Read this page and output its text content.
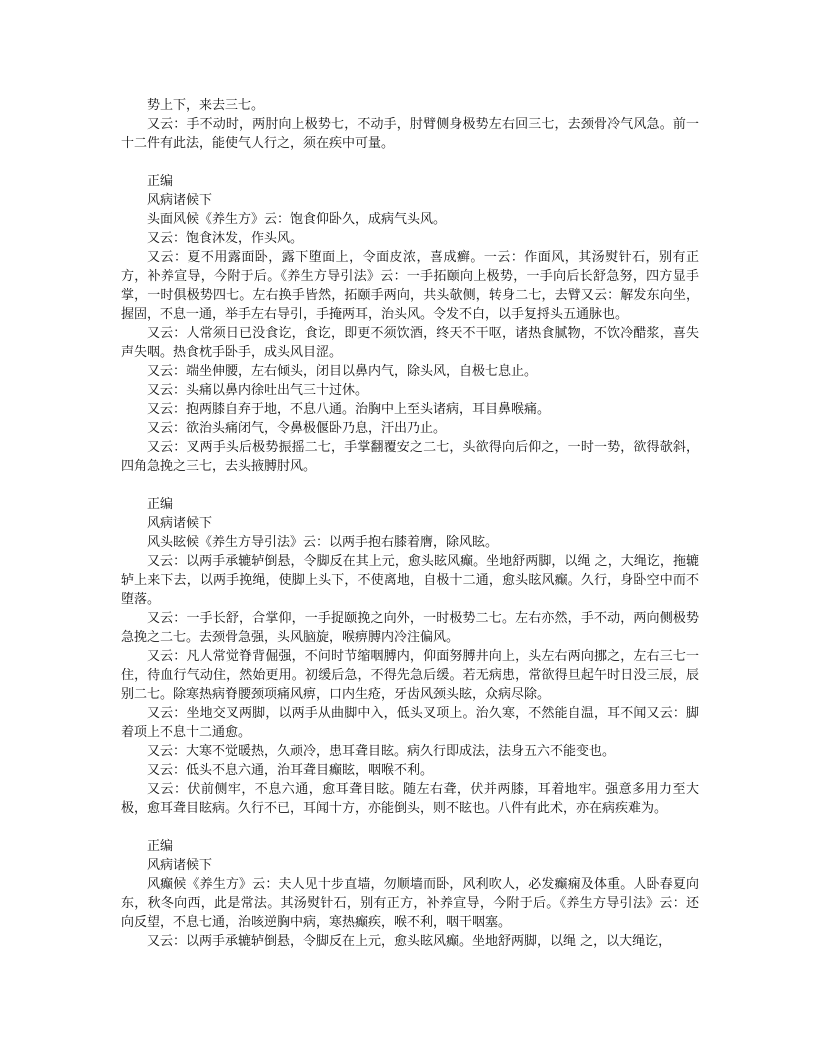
势上下，来去三七。

又云：手不动时，两肘向上极势七，不动手，肘臂侧身极势左右回三七，去颈骨冷气风急。前一十二件有此法，能使气人行之，须在疾中可量。

正编

风病诸候下

头面风候《养生方》云：饱食仰卧久，成病气头风。

又云：饱食沐发，作头风。

又云：夏不用露面卧，露下堕面上，令面皮浓，喜成癣。一云：作面风，其汤熨针石，别有正方，补养宣导，今附于后。《养生方导引法》云：一手拓颐向上极势，一手向后长舒急努，四方显手掌，一时俱极势四七。左右换手皆然，拓颐手两向，共头欹侧，转身二七，去臂又云：解发东向坐，握固，不息一通，举手左右导引，手掩两耳，治头风。令发不白，以手复捋头五通脉也。

又云：人常须日已没食讫，食讫，即更不须饮酒，终天不干呕，诸热食腻物，不饮冷醋浆，喜失声失咽。热食枕手卧手，成头风目涩。

又云：端坐伸腰，左右倾头，闭目以鼻内气，除头风，自极七息止。

又云：头痛以鼻内徐吐出气三十过休。

又云：抱两膝自弃于地，不息八通。治胸中上至头诸病，耳目鼻喉痛。

又云：欲治头痛闭气，令鼻极偃卧乃息，汗出乃止。

又云：叉两手头后极势振摇二七，手掌翻覆安之二七，头欲得向后仰之，一时一势，欲得欹斜，四角急挽之三七，去头掖膊肘风。

正编

风病诸候下

风头眩候《养生方导引法》云：以两手抱右膝着膺，除风眩。

又云：以两手承辘轳倒悬，令脚反在其上元，愈头眩风癫。坐地舒两脚，以绳 之，大绳讫，拖辘轳上来下去，以两手挽绳，使脚上头下，不使离地，自极十二通，愈头眩风癫。久行，身卧空中而不堕落。

又云：一手长舒，合掌仰，一手捉颐挽之向外，一时极势二七。左右亦然，手不动，两向侧极势急挽之二七。去颈骨急强，头风脑旋，喉痹膊内冷注偏风。

又云：凡人常觉脊背倔强，不问时节缩咽膊内，仰面努膊井向上，头左右两向挪之，左右三七一住，待血行气动住，然始更用。初缓后急，不得先急后缓。若无病患，常欲得旦起午时日没三辰，辰别二七。除寒热病脊腰颈项痛风痹，口内生疮，牙齿风颈头眩，众病尽除。

又云：坐地交叉两脚，以两手从曲脚中入，低头叉项上。治久寒，不然能自温，耳不闻又云：脚着项上不息十二通愈。

又云：大寒不觉暖热，久顽冷，患耳聋目眩。病久行即成法，法身五六不能变也。

又云：低头不息六通，治耳聋目癫眩，咽喉不利。

又云：伏前侧牢，不息六通，愈耳聋目眩。随左右聋，伏并两膝，耳着地牢。强意多用力至大极，愈耳聋目眩病。久行不已，耳闻十方，亦能倒头，则不眩也。八件有此术，亦在病疾难为。

正编

风病诸候下

风癫候《养生方》云：夫人见十步直墙，勿顺墙而卧，风利吹人，必发癫痫及体重。人卧春夏向东，秋冬向西，此是常法。其汤熨针石，别有正方，补养宣导，今附于后。《养生方导引法》云：还向反望，不息七通，治咳逆胸中病，寒热癫疾，喉不利，咽干咽塞。

又云：以两手承辘轳倒悬，令脚反在上元，愈头眩风癫。坐地舒两脚，以绳 之，以大绳讫，
